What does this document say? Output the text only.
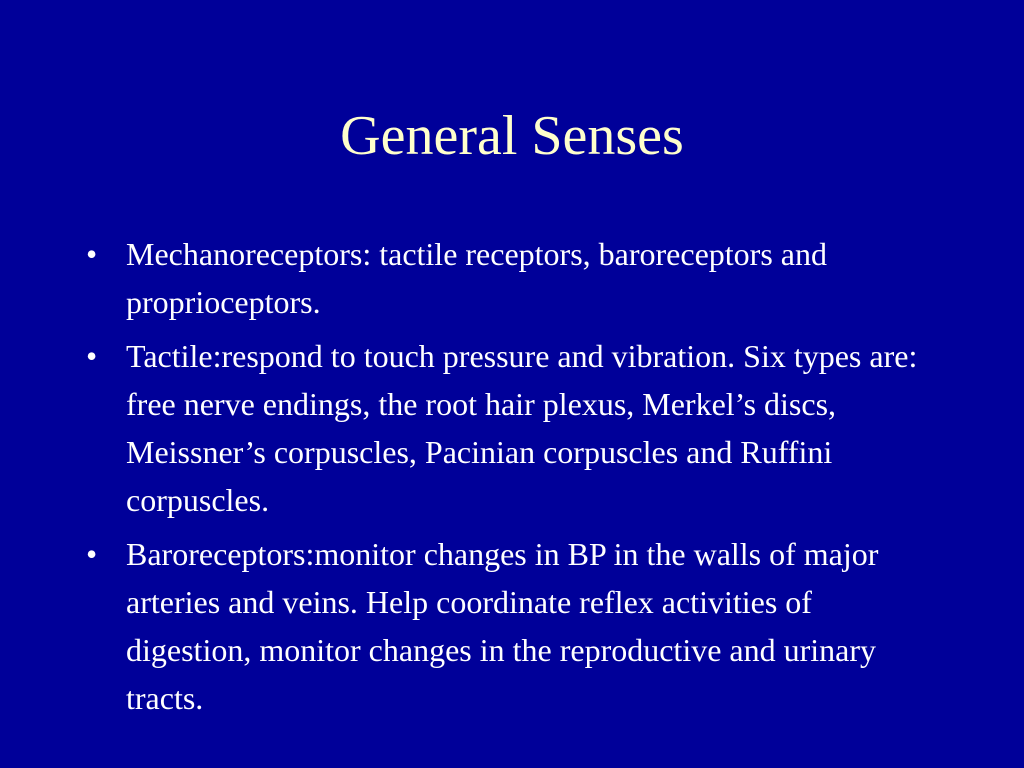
General Senses
• Mechanoreceptors: tactile receptors, baroreceptors and proprioceptors.
• Tactile:respond to touch pressure and vibration. Six types are: free nerve endings, the root hair plexus, Merkel’s discs, Meissner’s corpuscles, Pacinian corpuscles and Ruffini corpuscles.
• Baroreceptors:monitor changes in BP in the walls of major arteries and veins. Help coordinate reflex activities of digestion, monitor changes in the reproductive and urinary tracts.
